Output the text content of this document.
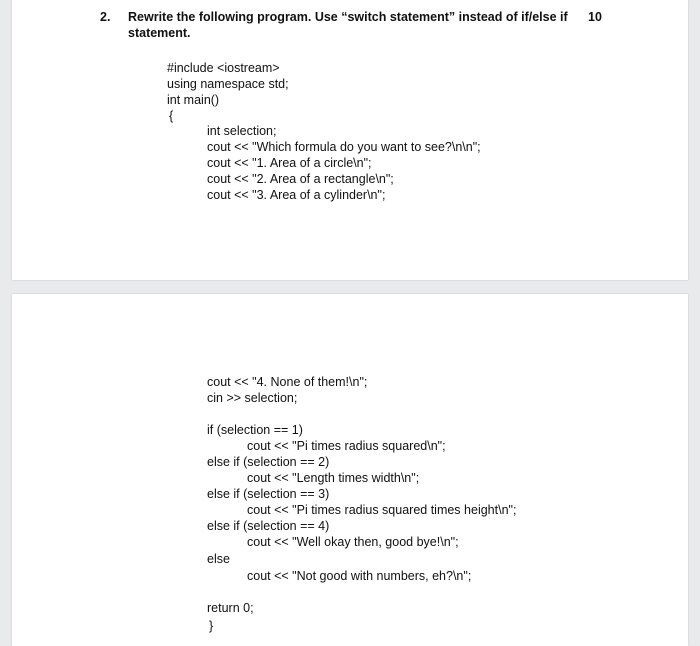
2. Rewrite the following program. Use “switch statement” instead of if/else if
statement.
10
#include <iostream>
using namespace std;
int main()
{
int selection;
cout << "Which formula do you want to see?\n\n";
cout << "1. Area of a circle\n";
cout << "2. Area of a rectangle\n";
cout << "3. Area of a cylinder\n";
cout << "4. None of them!\n";
cin >> selection;
if (selection == 1)
cout << "Pi times radius squared\n";
else if (selection == 2)
cout << "Length times width\n";
else if (selection == 3)
cout << "Pi times radius squared times height\n";
else if (selection == 4)
cout << "Well okay then, good bye!\n";
else
cout << "Not good with numbers, eh?\n";
return 0;
}
